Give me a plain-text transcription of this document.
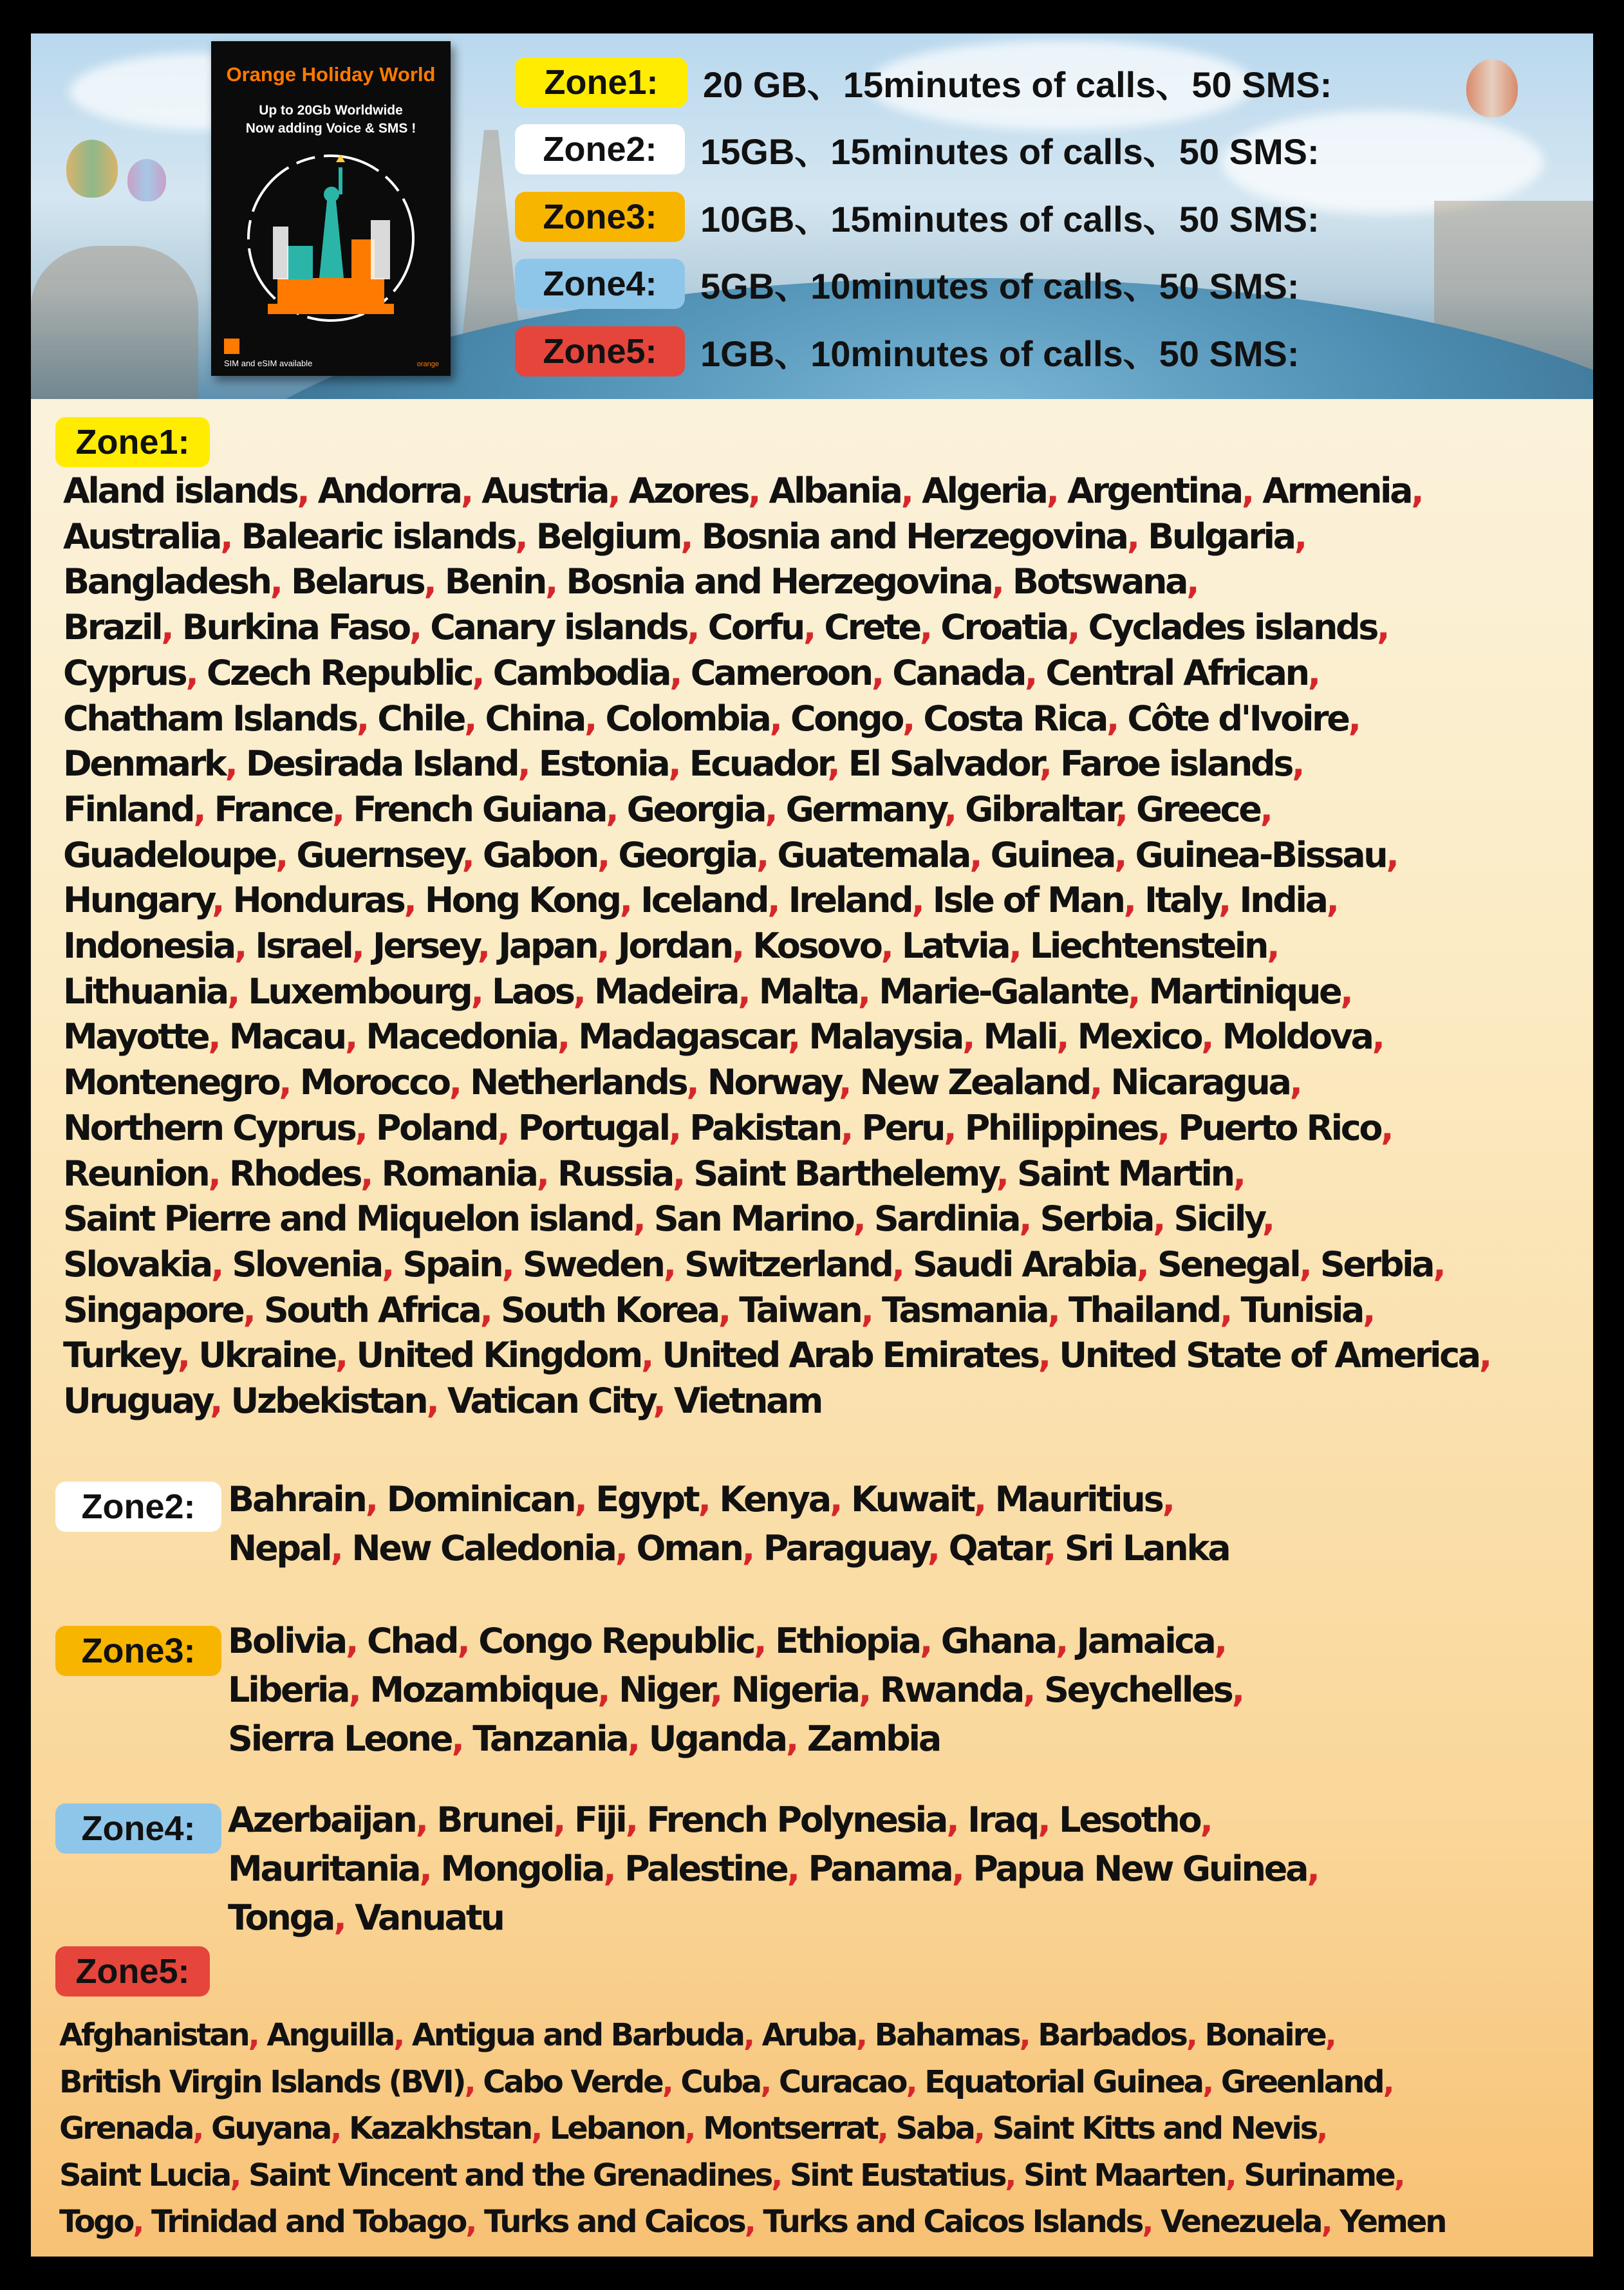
Orange Holiday World
Up to 20Gb Worldwide
Now adding Voice & SMS !
SIM and eSIM available	orange
Zone1:	20 GB、15minutes of calls、50 SMS:
Zone2:	15GB、15minutes of calls、50 SMS:
Zone3:	10GB、15minutes of calls、50 SMS:
Zone4:	5GB、10minutes of calls、50 SMS:
Zone5:	1GB、10minutes of calls、50 SMS:
Zone1:
Aland islands, Andorra, Austria, Azores, Albania, Algeria, Argentina, Armenia,
Australia, Balearic islands, Belgium, Bosnia and Herzegovina, Bulgaria,
Bangladesh, Belarus, Benin, Bosnia and Herzegovina, Botswana,
Brazil, Burkina Faso, Canary islands, Corfu, Crete, Croatia, Cyclades islands,
Cyprus, Czech Republic, Cambodia, Cameroon, Canada, Central African,
Chatham Islands, Chile, China, Colombia, Congo, Costa Rica, Côte d'Ivoire,
Denmark, Desirada Island, Estonia, Ecuador, El Salvador, Faroe islands,
Finland, France, French Guiana, Georgia, Germany, Gibraltar, Greece,
Guadeloupe, Guernsey, Gabon, Georgia, Guatemala, Guinea, Guinea-Bissau,
Hungary, Honduras, Hong Kong, Iceland, Ireland, Isle of Man, Italy, India,
Indonesia, Israel, Jersey, Japan, Jordan, Kosovo, Latvia, Liechtenstein,
Lithuania, Luxembourg, Laos, Madeira, Malta, Marie-Galante, Martinique,
Mayotte, Macau, Macedonia, Madagascar, Malaysia, Mali, Mexico, Moldova,
Montenegro, Morocco, Netherlands, Norway, New Zealand, Nicaragua,
Northern Cyprus, Poland, Portugal, Pakistan, Peru, Philippines, Puerto Rico,
Reunion, Rhodes, Romania, Russia, Saint Barthelemy, Saint Martin,
Saint Pierre and Miquelon island, San Marino, Sardinia, Serbia, Sicily,
Slovakia, Slovenia, Spain, Sweden, Switzerland, Saudi Arabia, Senegal, Serbia,
Singapore, South Africa, South Korea, Taiwan, Tasmania, Thailand, Tunisia,
Turkey, Ukraine, United Kingdom, United Arab Emirates, United State of America,
Uruguay, Uzbekistan, Vatican City, Vietnam
Zone2: Bahrain, Dominican, Egypt, Kenya, Kuwait, Mauritius,
Nepal, New Caledonia, Oman, Paraguay, Qatar, Sri Lanka
Zone3: Bolivia, Chad, Congo Republic, Ethiopia, Ghana, Jamaica,
Liberia, Mozambique, Niger, Nigeria, Rwanda, Seychelles,
Sierra Leone, Tanzania, Uganda, Zambia
Zone4: Azerbaijan, Brunei, Fiji, French Polynesia, Iraq, Lesotho,
Mauritania, Mongolia, Palestine, Panama, Papua New Guinea,
Tonga, Vanuatu
Zone5:
Afghanistan, Anguilla, Antigua and Barbuda, Aruba, Bahamas, Barbados, Bonaire,
British Virgin Islands (BVI), Cabo Verde, Cuba, Curacao, Equatorial Guinea, Greenland,
Grenada, Guyana, Kazakhstan, Lebanon, Montserrat, Saba, Saint Kitts and Nevis,
Saint Lucia, Saint Vincent and the Grenadines, Sint Eustatius, Sint Maarten, Suriname,
Togo, Trinidad and Tobago, Turks and Caicos, Turks and Caicos Islands, Venezuela, Yemen
